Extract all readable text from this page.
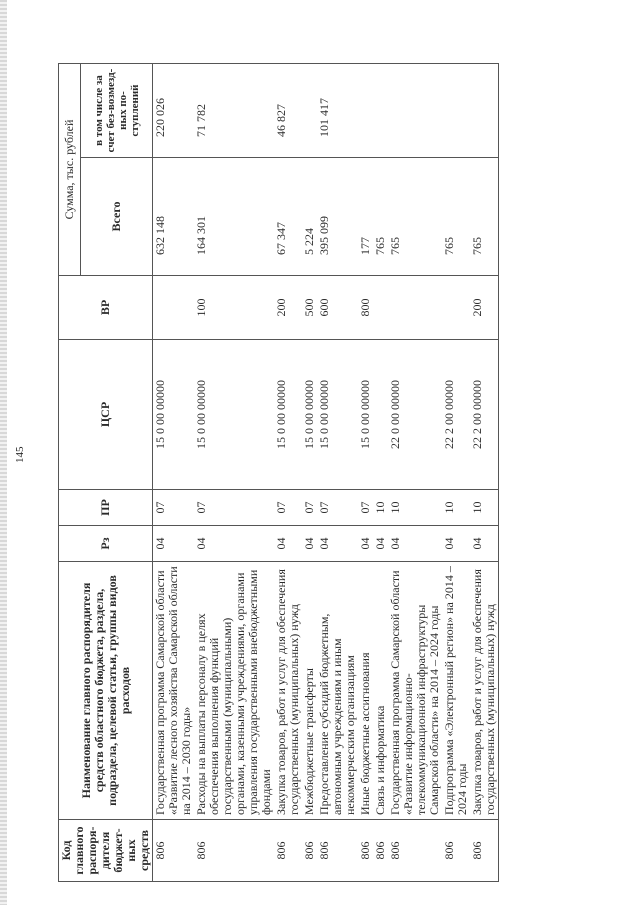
145
Код главного распоря-дителя бюджет-ных средств	Наименование главного распорядителя средств областного бюджета, раздела, подраздела, целевой статьи, группы видов расходов	Рз	ПР	ЦСР	ВР	Сумма, тыс. рублей	
						Всего	в том числе за счет без-возмезд-ных по-ступлений
806	Государственная программа Самарской области «Развитие лесного хозяйства Самарской области на 2014 – 2030 годы»	04	07	15 0 00 00000		632 148	220 026
806	Расходы на выплаты персоналу в целях обеспечения выполнения функций государственными (муниципальными) органами, казенными учреждениями, органами управления государственными внебюджетными фондами	04	07	15 0 00 00000	100	164 301	71 782
806	Закупка товаров, работ и услуг для обеспечения государственных (муниципальных) нужд	04	07	15 0 00 00000	200	67 347	46 827
806	Межбюджетные трансферты	04	07	15 0 00 00000	500	5 224	
806	Предоставление субсидий бюджетным, автономным учреждениям и иным некоммерческим организациям	04	07	15 0 00 00000	600	395 099	101 417
806	Иные бюджетные ассигнования	04	07	15 0 00 00000	800	177	
806	Связь и информатика	04	10			765	
806	Государственная программа Самарской области «Развитие информационно-телекоммуникационной инфраструктуры Самарской области» на 2014 – 2024 годы	04	10	22 0 00 00000		765	
806	Подпрограмма «Электронный регион» на 2014 – 2024 годы	04	10	22 2 00 00000		765	
806	Закупка товаров, работ и услуг для обеспечения государственных (муниципальных) нужд	04	10	22 2 00 00000	200	765	
